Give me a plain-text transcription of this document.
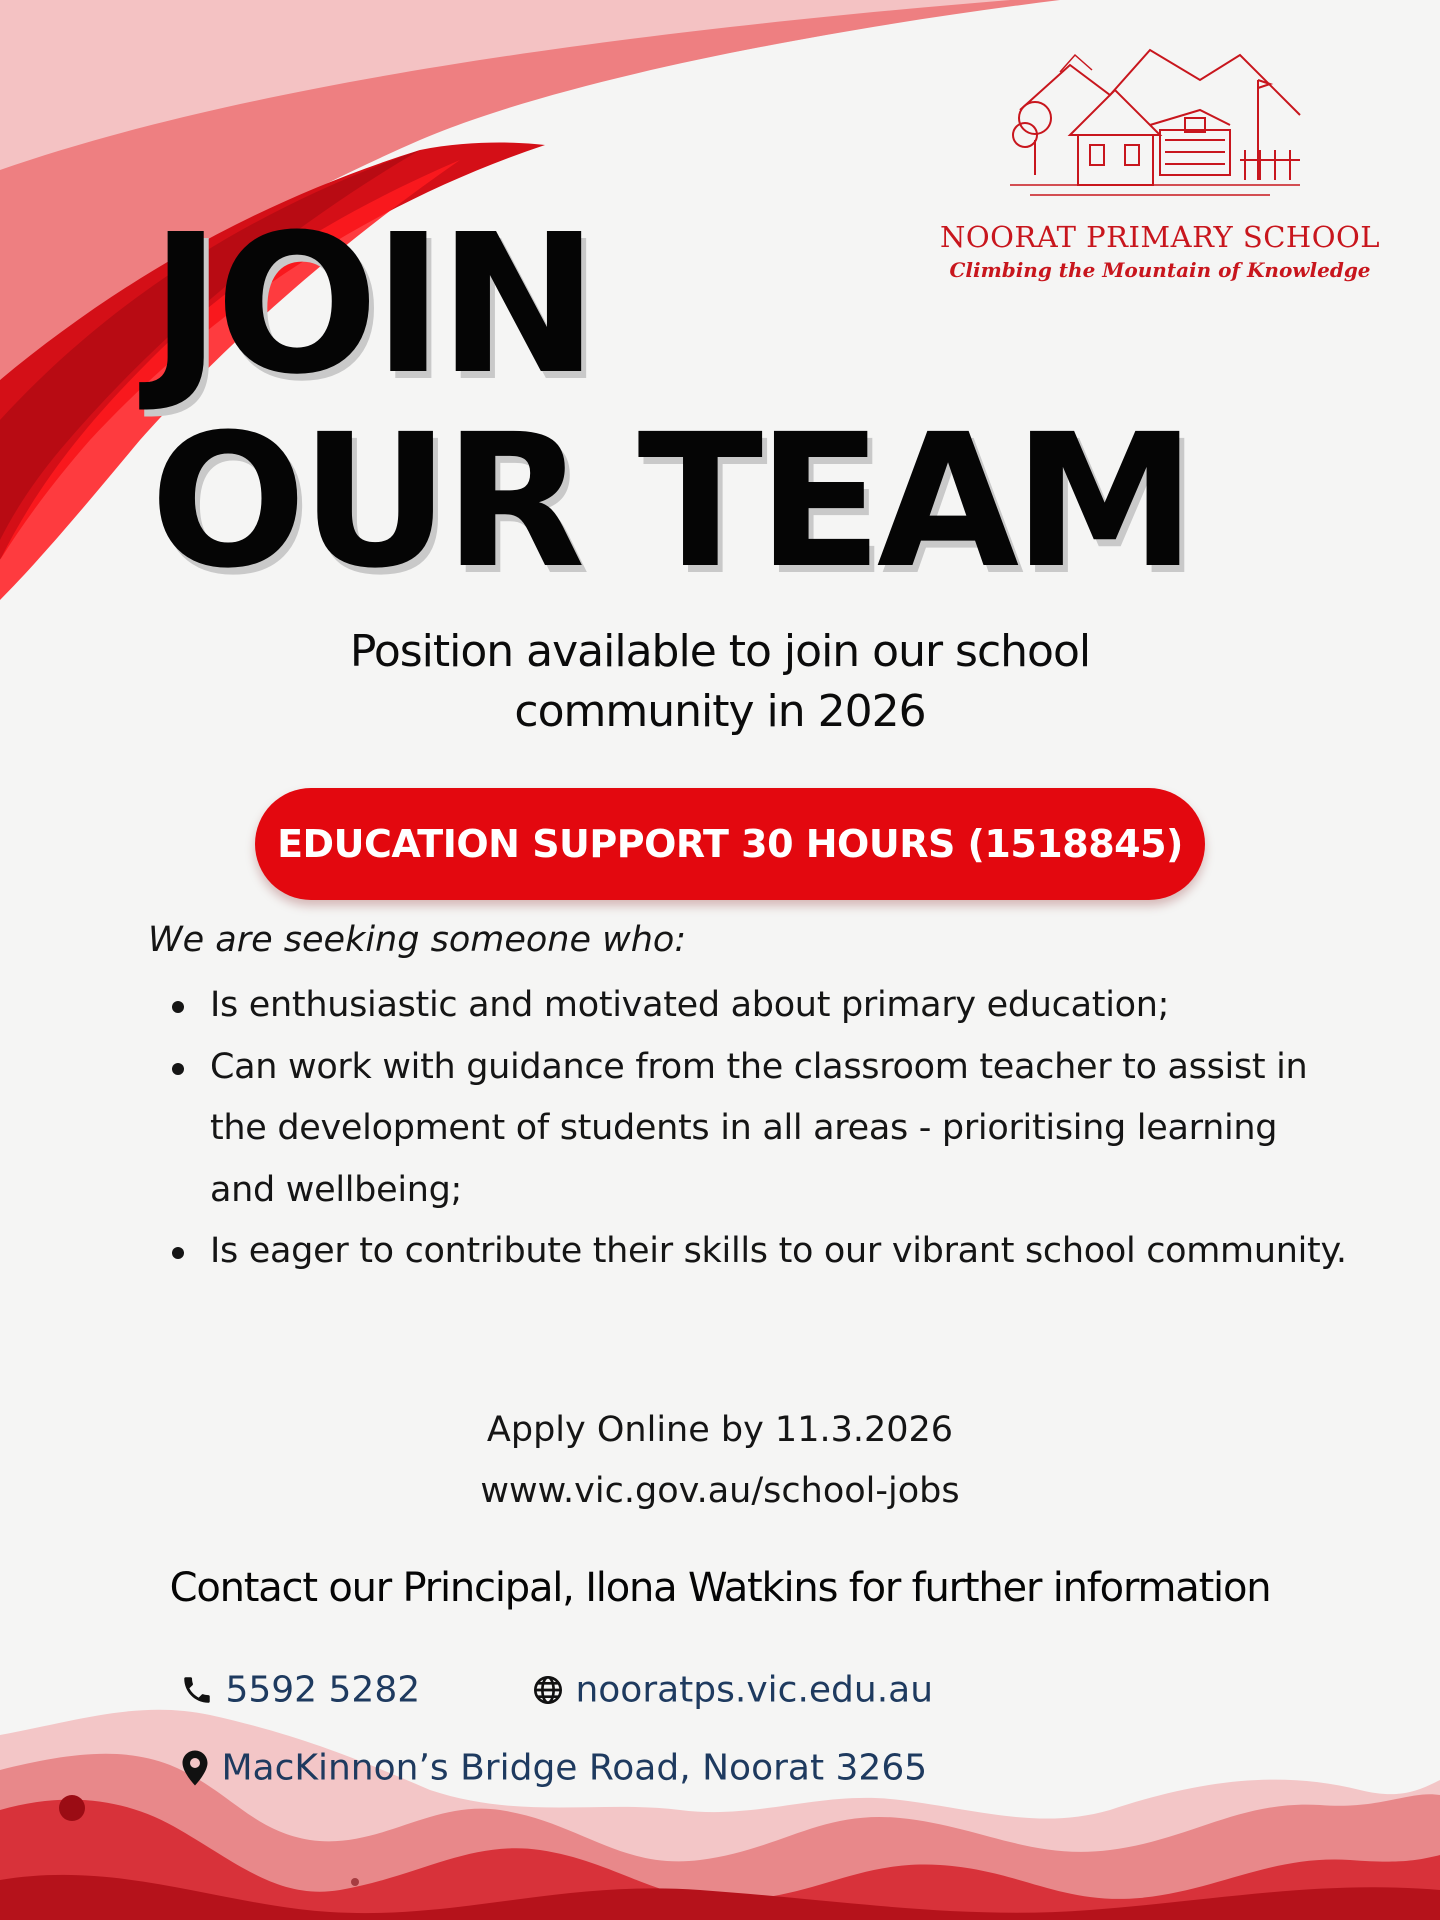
NOORAT PRIMARY SCHOOL
Climbing the Mountain of Knowledge
JOIN
OUR TEAM
Position available to join our school
community in 2026
EDUCATION SUPPORT 30 HOURS (1518845)
We are seeking someone who:
Is enthusiastic and motivated about primary education;
Can work with guidance from the classroom teacher to assist in the development of students in all areas - prioritising learning and wellbeing;
Is eager to contribute their skills to our vibrant school community.
Apply Online by 11.3.2026
www.vic.gov.au/school-jobs
Contact our Principal, Ilona Watkins for further information
5592 5282	nooratps.vic.edu.au
MacKinnon’s Bridge Road, Noorat 3265
